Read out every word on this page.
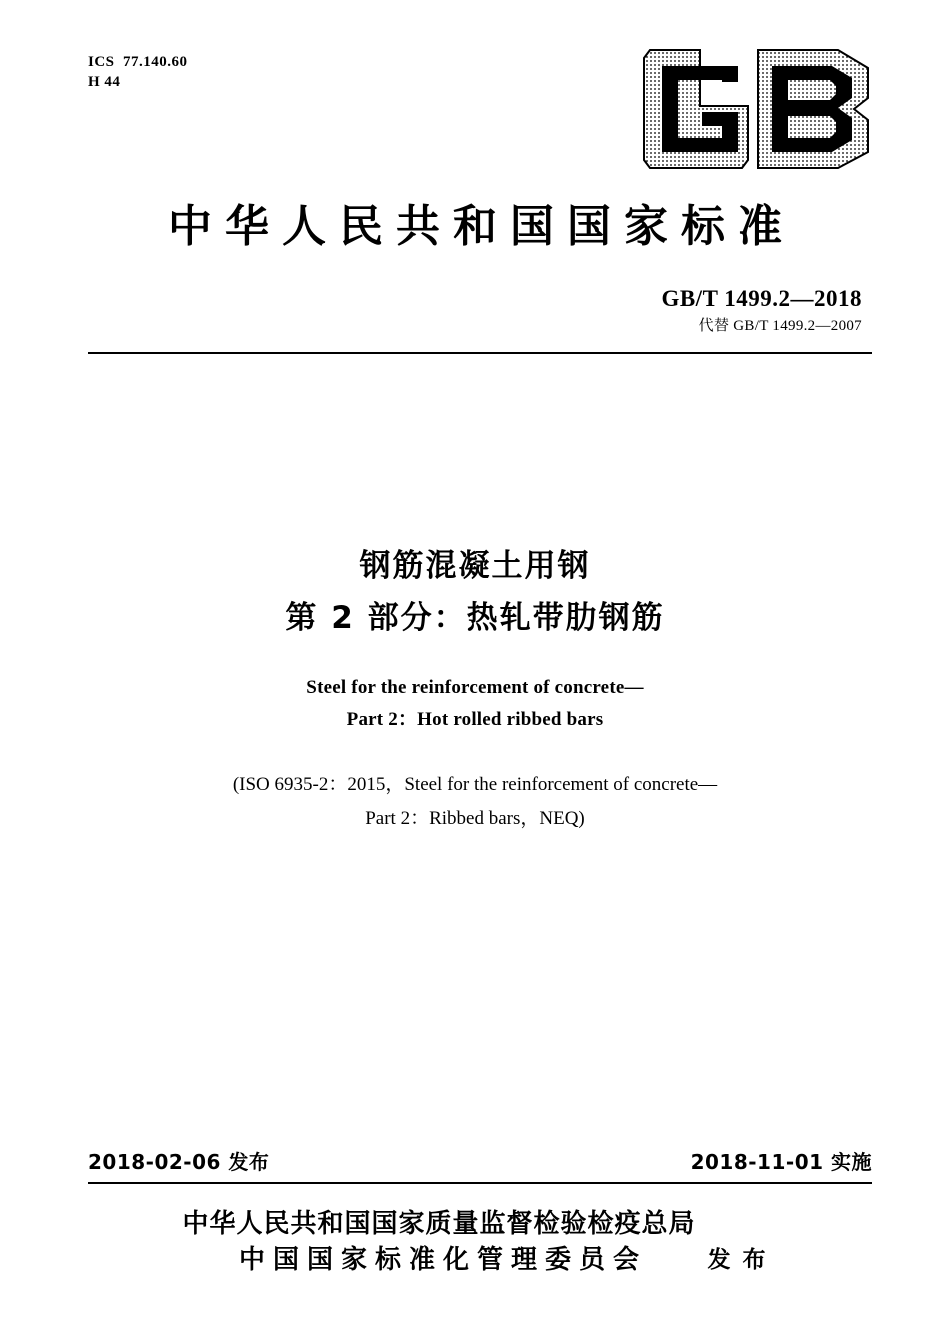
ICS  77.140.60
H 44
中华人民共和国国家标准
GB/T 1499.2—2018
代替 GB/T 1499.2—2007
钢筋混凝土用钢
第 2 部分：热轧带肋钢筋
Steel for the reinforcement of concrete—
Part 2：Hot rolled ribbed bars
(ISO 6935-2：2015，Steel for the reinforcement of concrete—
Part 2：Ribbed bars，NEQ)
2018-02-06 发布	2018-11-01 实施
中华人民共和国国家质量监督检验检疫总局
中国国家标准化管理委员会	发 布
